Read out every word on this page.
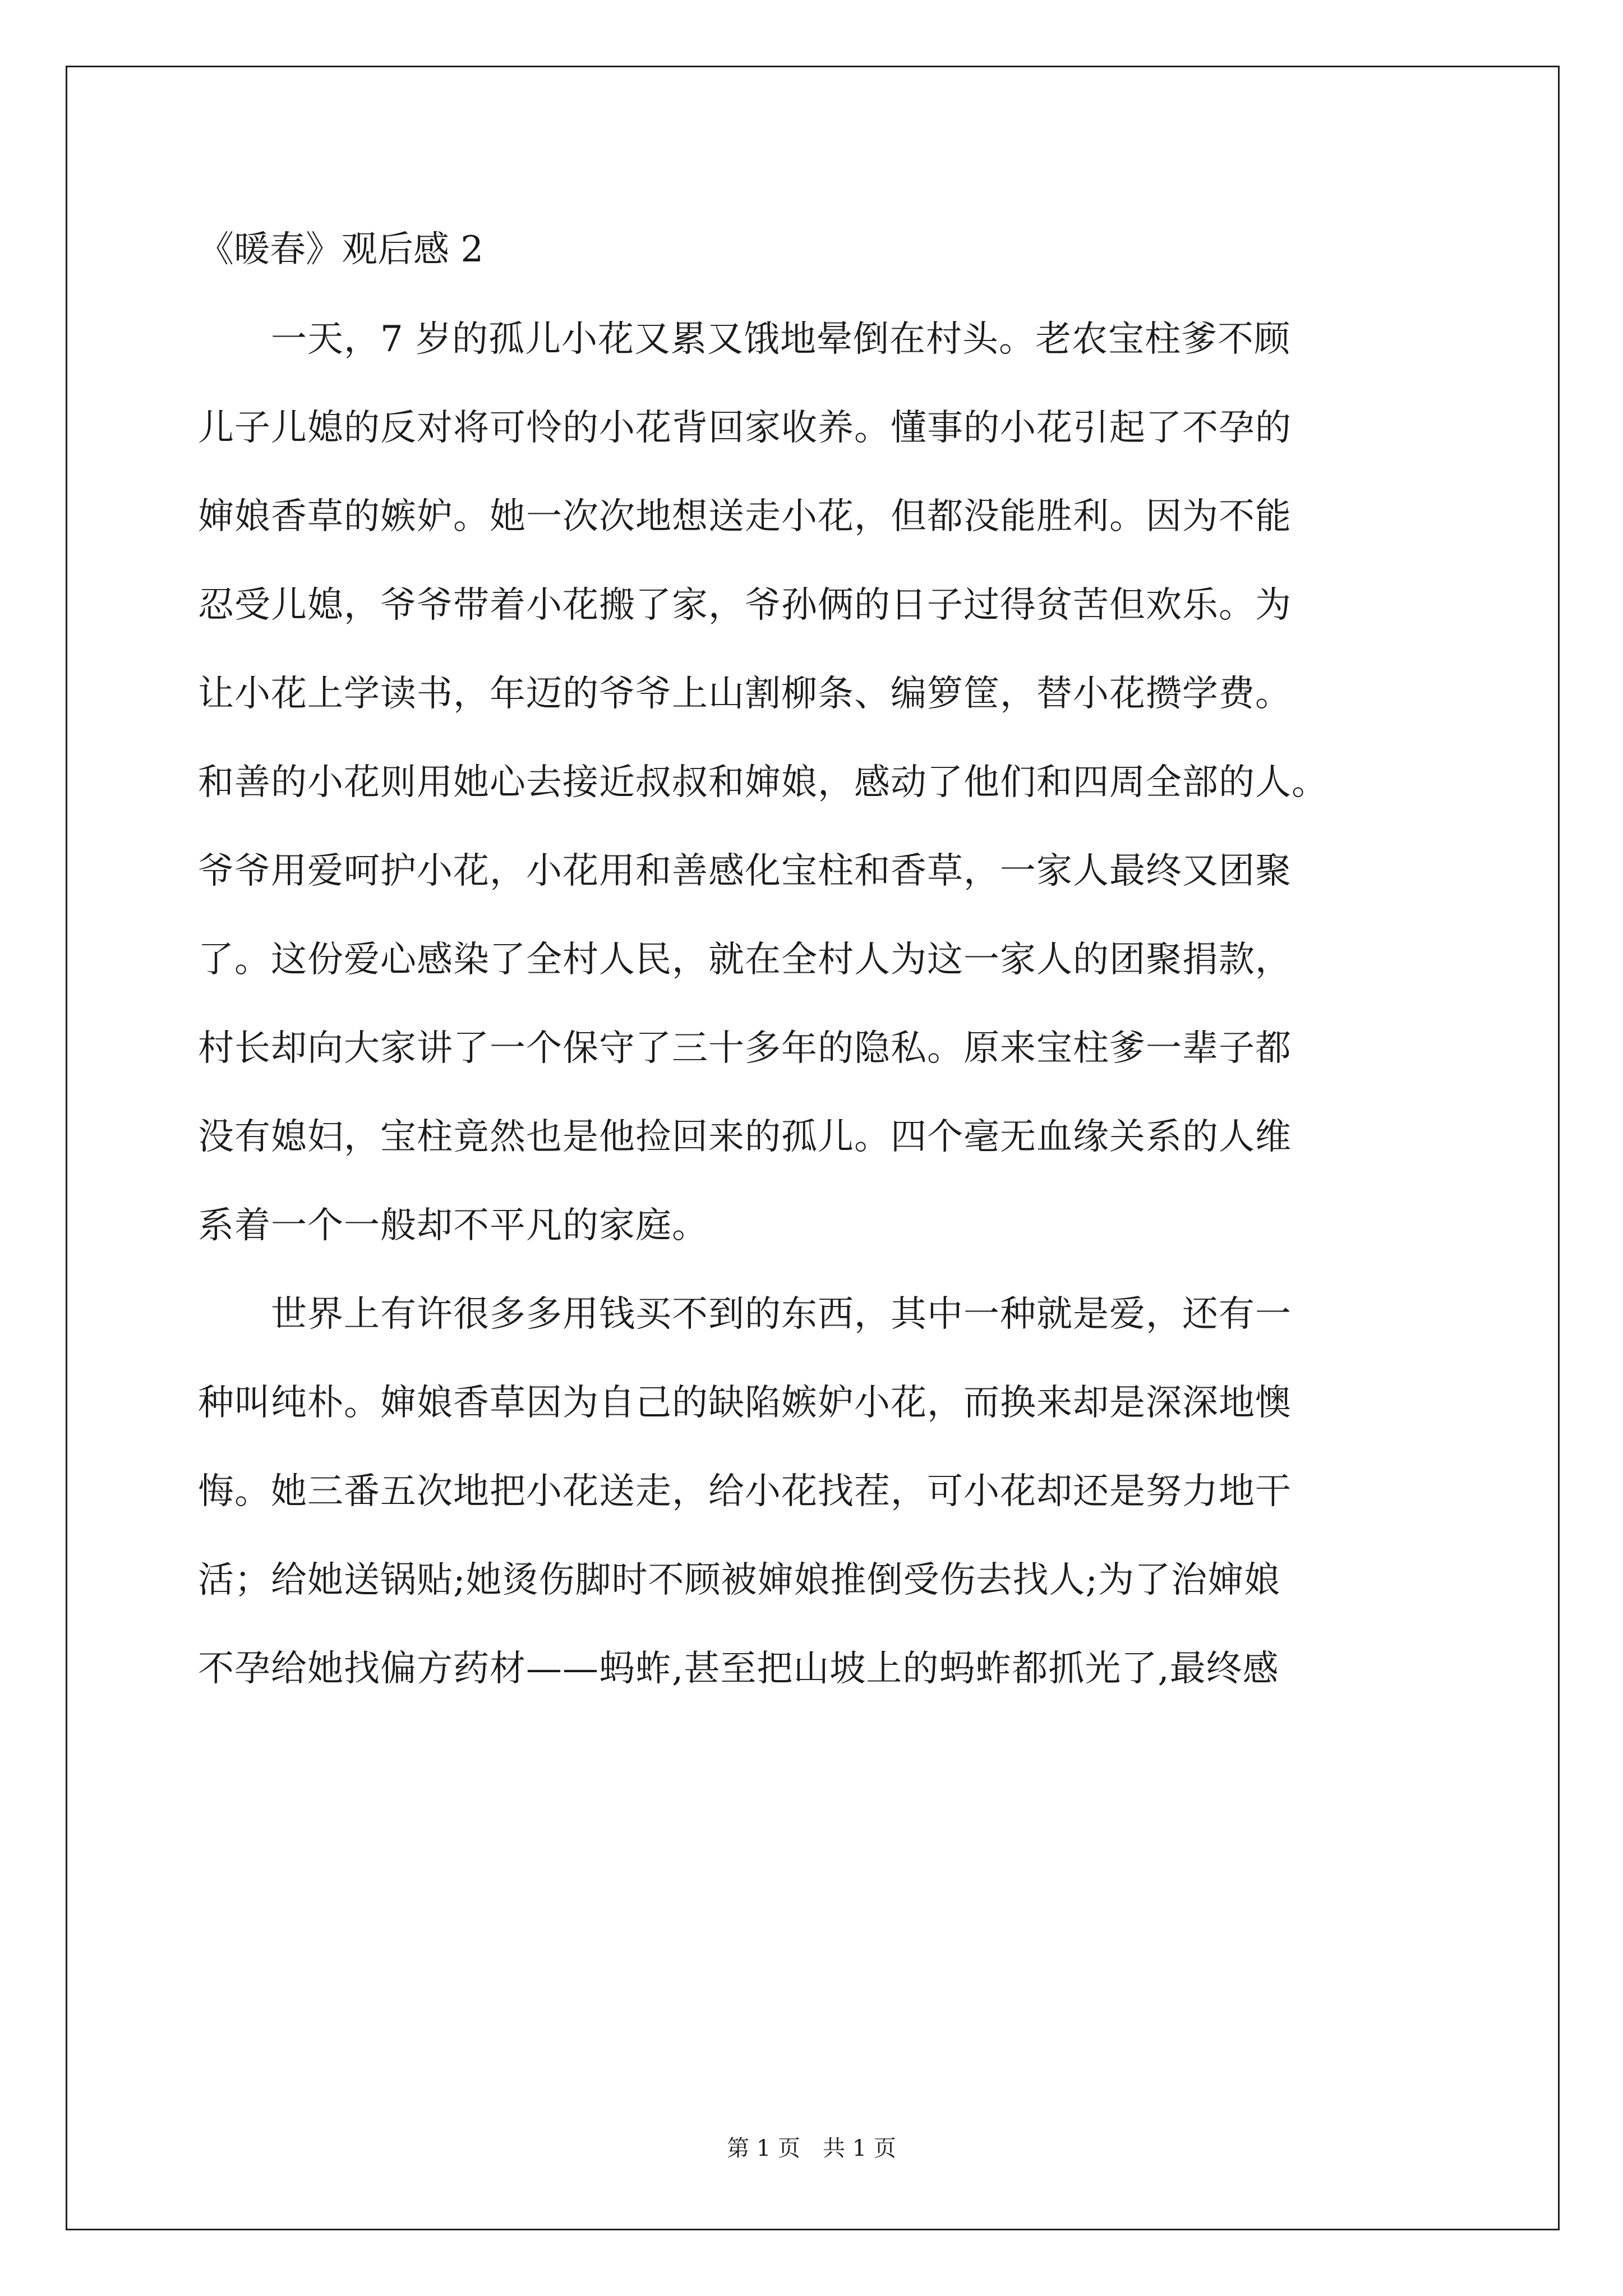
《暖春》观后感 2
　　一天，7 岁的孤儿小花又累又饿地晕倒在村头。老农宝柱爹不顾
儿子儿媳的反对将可怜的小花背回家收养。懂事的小花引起了不孕的
婶娘香草的嫉妒。她一次次地想送走小花，但都没能胜利。因为不能
忍受儿媳，爷爷带着小花搬了家，爷孙俩的日子过得贫苦但欢乐。为
让小花上学读书，年迈的爷爷上山割柳条、编箩筐，替小花攒学费。
和善的小花则用她心去接近叔叔和婶娘，感动了他们和四周全部的人。
爷爷用爱呵护小花，小花用和善感化宝柱和香草，一家人最终又团聚
了。这份爱心感染了全村人民，就在全村人为这一家人的团聚捐款，
村长却向大家讲了一个保守了三十多年的隐私。原来宝柱爹一辈子都
没有媳妇，宝柱竟然也是他捡回来的孤儿。四个毫无血缘关系的人维
系着一个一般却不平凡的家庭。
　　世界上有许很多多用钱买不到的东西，其中一种就是爱，还有一
种叫纯朴。婶娘香草因为自己的缺陷嫉妒小花，而换来却是深深地懊
悔。她三番五次地把小花送走，给小花找茬，可小花却还是努力地干
活；给她送锅贴;她烫伤脚时不顾被婶娘推倒受伤去找人;为了治婶娘
不孕给她找偏方药材——蚂蚱,甚至把山坡上的蚂蚱都抓光了,最终感
第 1 页　共 1 页
